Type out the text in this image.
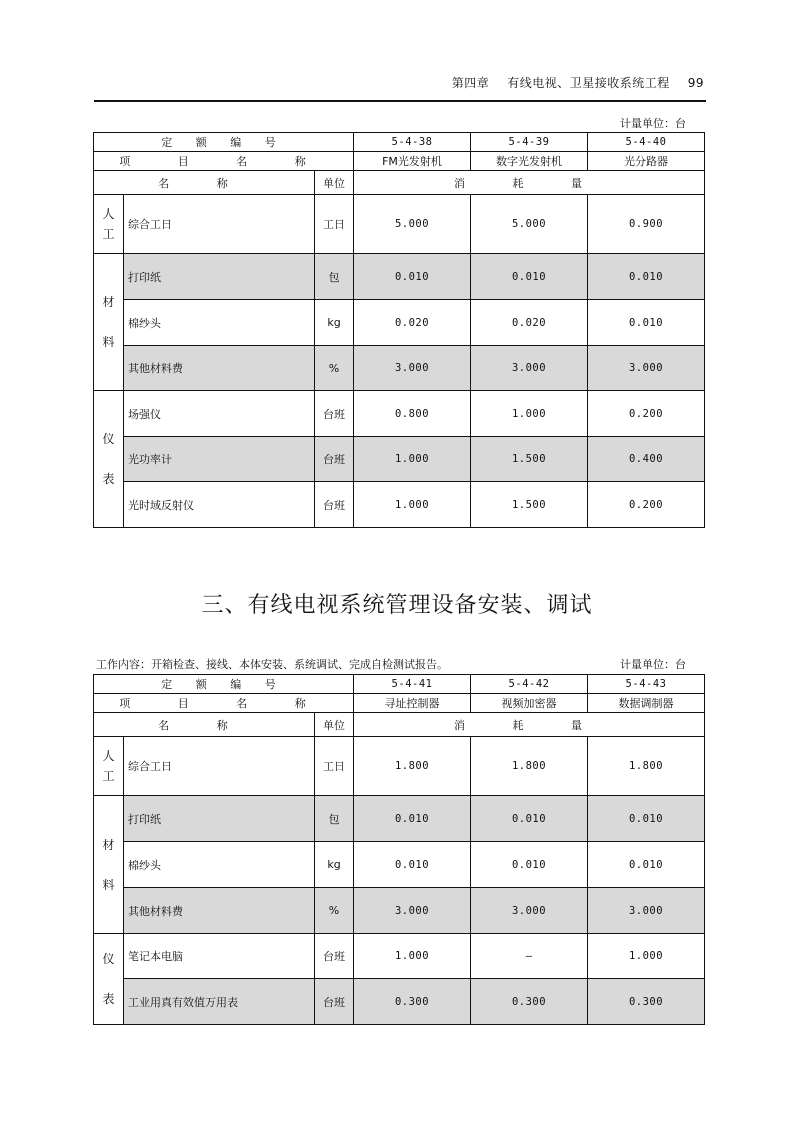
第四章 有线电视、卫星接收系统工程 99
计量单位：台
定 额 编 号			5-4-38	5-4-39	5-4-40
项 目 名 称			FM光发射机	数字光发射机	光分路器
名 称		单位	消 耗 量		
人
工	综合工日	工日	5.000	5.000	0.900
材

料	打印纸	包	0.010	0.010	0.010
	棉纱头	kg	0.020	0.020	0.010
	其他材料费	%	3.000	3.000	3.000
仪

表	场强仪	台班	0.800	1.000	0.200
	光功率计	台班	1.000	1.500	0.400
	光时域反射仪	台班	1.000	1.500	0.200
三、有线电视系统管理设备安装、调试
工作内容：开箱检查、接线、本体安装、系统调试、完成自检测试报告。	计量单位：台
定 额 编 号			5-4-41	5-4-42	5-4-43
项 目 名 称			寻址控制器	视频加密器	数据调制器
名 称		单位	消 耗 量		
人
工	综合工日	工日	1.800	1.800	1.800
材

料	打印纸	包	0.010	0.010	0.010
	棉纱头	kg	0.010	0.010	0.010
	其他材料费	%	3.000	3.000	3.000
仪

表	笔记本电脑	台班	1.000	—	1.000
	工业用真有效值万用表	台班	0.300	0.300	0.300
